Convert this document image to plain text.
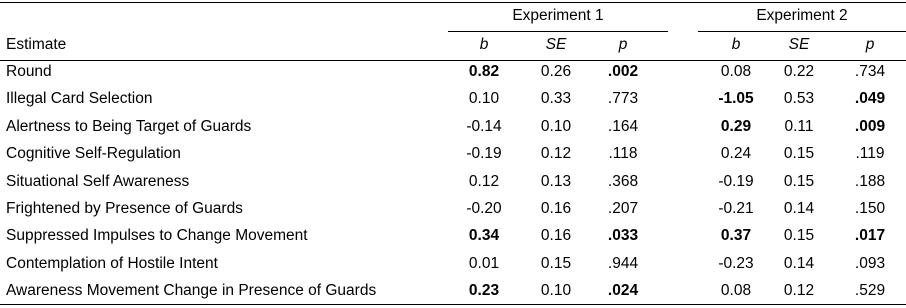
Experiment 1	Experiment 2
Estimate	b	SE	p	b	SE	p
Round	0.82	0.26	.002	0.08	0.22	.734
Illegal Card Selection	0.10	0.33	.773	-1.05	0.53	.049
Alertness to Being Target of Guards	-0.14	0.10	.164	0.29	0.11	.009
Cognitive Self-Regulation	-0.19	0.12	.118	0.24	0.15	.119
Situational Self Awareness	0.12	0.13	.368	-0.19	0.15	.188
Frightened by Presence of Guards	-0.20	0.16	.207	-0.21	0.14	.150
Suppressed Impulses to Change Movement	0.34	0.16	.033	0.37	0.15	.017
Contemplation of Hostile Intent	0.01	0.15	.944	-0.23	0.14	.093
Awareness Movement Change in Presence of Guards	0.23	0.10	.024	0.08	0.12	.529
